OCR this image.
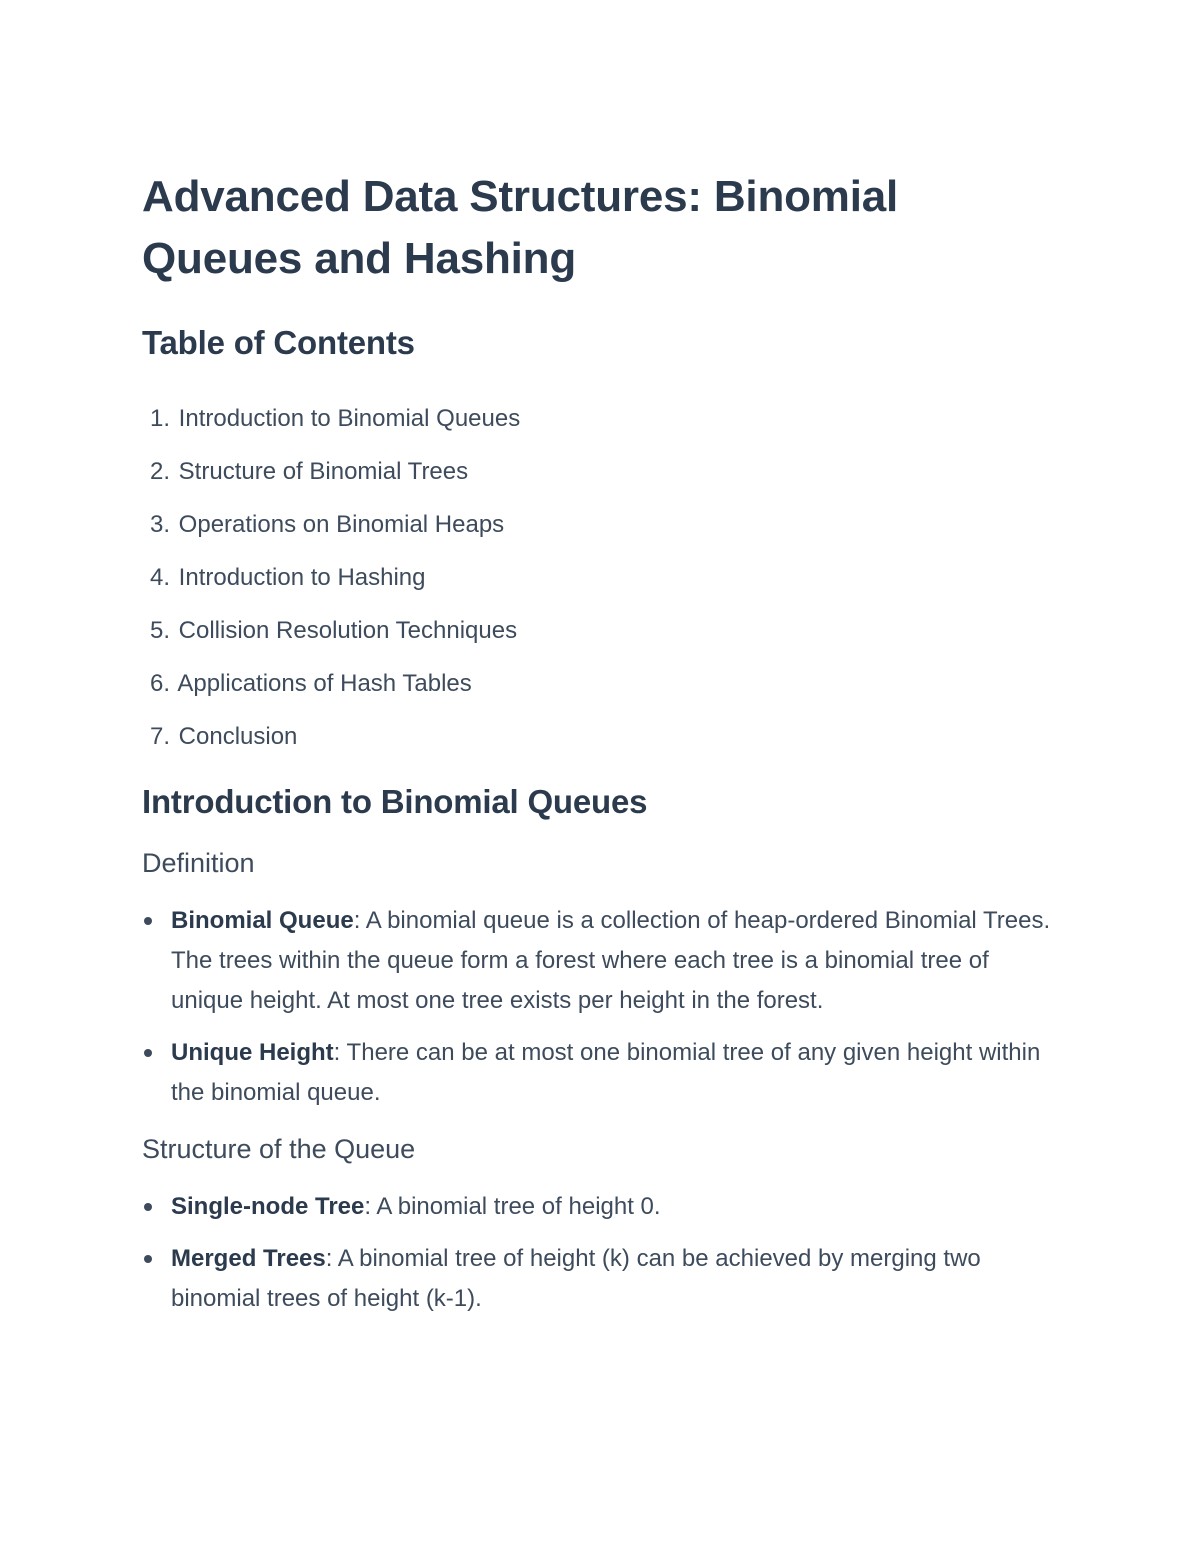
Advanced Data Structures: Binomial
Queues and Hashing
Table of Contents
1. Introduction to Binomial Queues
2. Structure of Binomial Trees
3. Operations on Binomial Heaps
4. Introduction to Hashing
5. Collision Resolution Techniques
6. Applications of Hash Tables
7. Conclusion
Introduction to Binomial Queues
Definition
Binomial Queue: A binomial queue is a collection of heap-ordered Binomial Trees. The trees within the queue form a forest where each tree is a binomial tree of unique height. At most one tree exists per height in the forest.
Unique Height: There can be at most one binomial tree of any given height within the binomial queue.
Structure of the Queue
Single-node Tree: A binomial tree of height 0.
Merged Trees: A binomial tree of height (k) can be achieved by merging two binomial trees of height (k-1).
